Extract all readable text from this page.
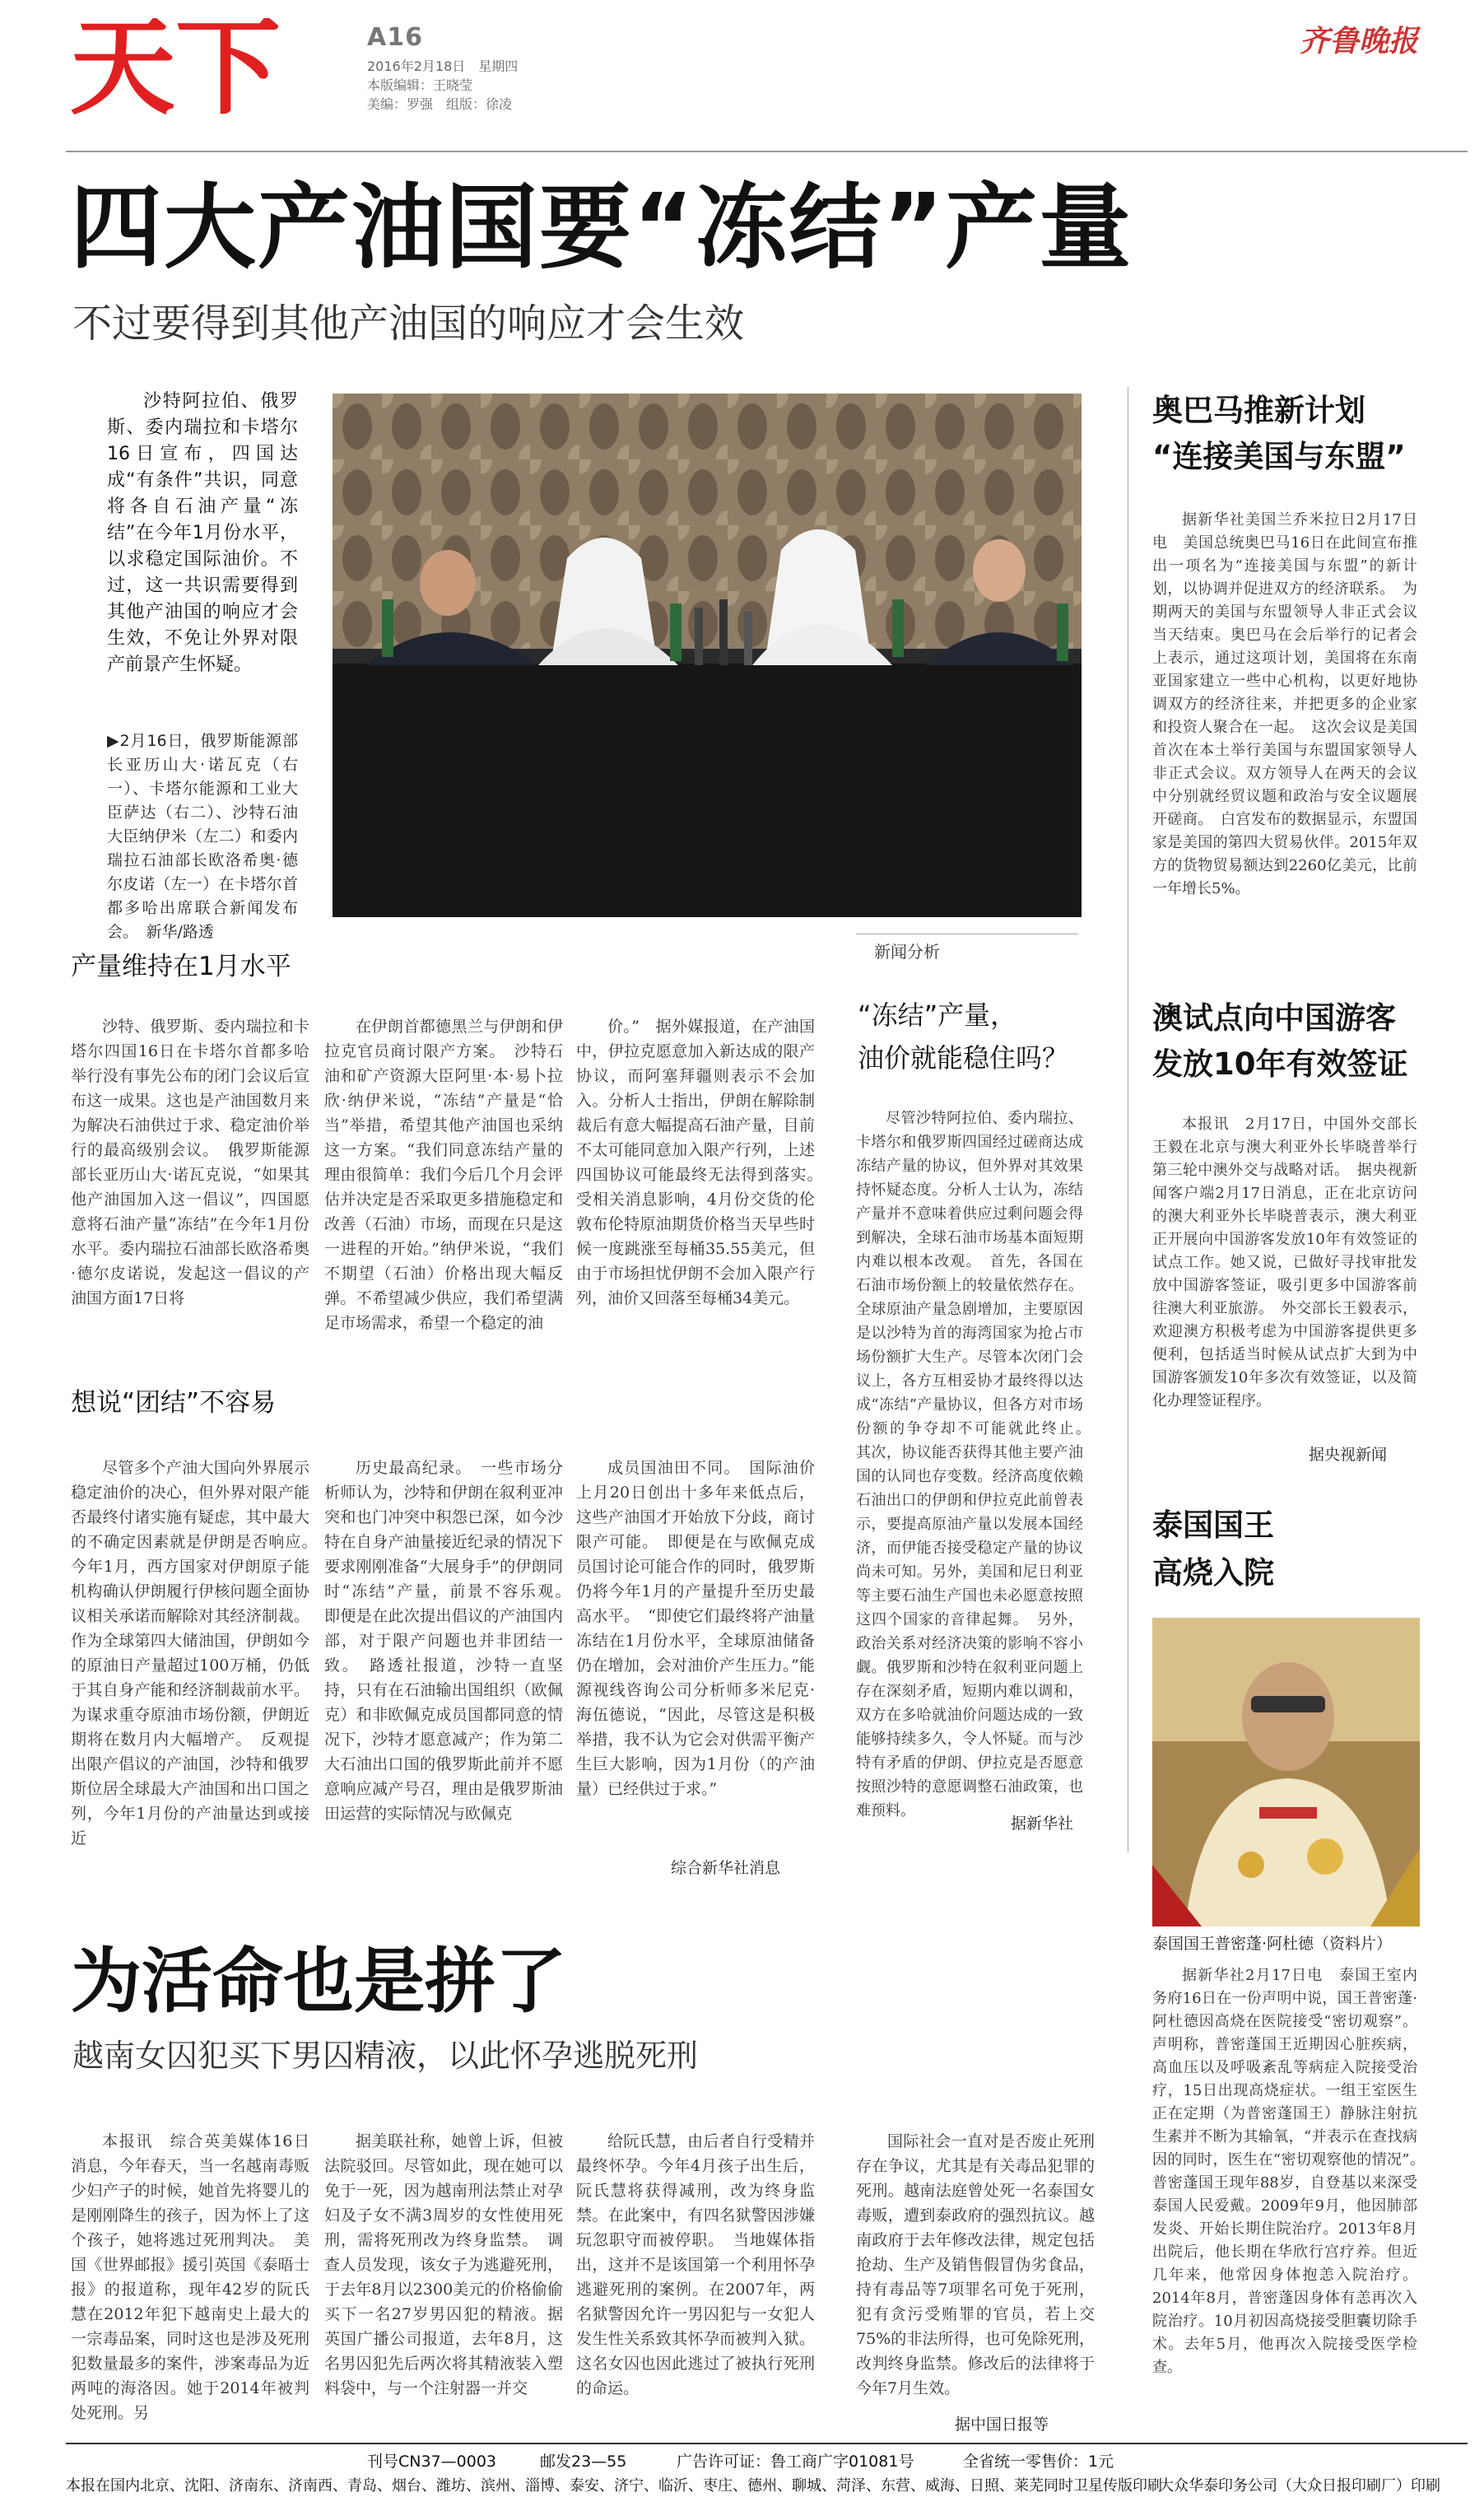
天下	A16
2016年2月18日　星期四
本版编辑：王晓莹
美编：罗强　组版：徐凌
齐鲁晚报
四大产油国要“冻结”产量
不过要得到其他产油国的响应才会生效

沙特阿拉伯、俄罗斯、委内瑞拉和卡塔尔16日宣布，四国达成“有条件”共识，同意将各自石油产量“冻结”在今年1月份水平，以求稳定国际油价。不过，这一共识需要得到其他产油国的响应才会生效，不免让外界对限产前景产生怀疑。

▶2月16日，俄罗斯能源部长亚历山大·诺瓦克（右一）、卡塔尔能源和工业大臣萨达（右二）、沙特石油大臣纳伊米（左二）和委内瑞拉石油部长欧洛希奥·德尔皮诺（左一）在卡塔尔首都多哈出席联合新闻发布会。　新华/路透
产量维持在1月水平

沙特、俄罗斯、委内瑞拉和卡塔尔四国16日在卡塔尔首都多哈举行没有事先公布的闭门会议后宣布这一成果。这也是产油国数月来为解决石油供过于求、稳定油价举行的最高级别会议。　俄罗斯能源部长亚历山大·诺瓦克说，“如果其他产油国加入这一倡议”，四国愿意将石油产量“冻结”在今年1月份水平。委内瑞拉石油部长欧洛希奥·德尔皮诺说，发起这一倡议的产油国方面17日将

在伊朗首都德黑兰与伊朗和伊拉克官员商讨限产方案。　沙特石油和矿产资源大臣阿里·本·易卜拉欣·纳伊米说，“冻结”产量是“恰当”举措，希望其他产油国也采纳这一方案。“我们同意冻结产量的理由很简单：我们今后几个月会评估并决定是否采取更多措施稳定和改善（石油）市场，而现在只是这一进程的开始。”纳伊米说，“我们不期望（石油）价格出现大幅反弹。不希望减少供应，我们希望满足市场需求，希望一个稳定的油

价。”　据外媒报道，在产油国中，伊拉克愿意加入新达成的限产协议，而阿塞拜疆则表示不会加入。分析人士指出，伊朗在解除制裁后有意大幅提高石油产量，目前不太可能同意加入限产行列，上述四国协议可能最终无法得到落实。　受相关消息影响，4月份交货的伦敦布伦特原油期货价格当天早些时候一度跳涨至每桶35.55美元，但由于市场担忧伊朗不会加入限产行列，油价又回落至每桶34美元。

想说“团结”不容易

尽管多个产油大国向外界展示稳定油价的决心，但外界对限产能否最终付诸实施有疑虑，其中最大的不确定因素就是伊朗是否响应。　今年1月，西方国家对伊朗原子能机构确认伊朗履行伊核问题全面协议相关承诺而解除对其经济制裁。作为全球第四大储油国，伊朗如今的原油日产量超过100万桶，仍低于其自身产能和经济制裁前水平。为谋求重夺原油市场份额，伊朗近期将在数月内大幅增产。　反观提出限产倡议的产油国，沙特和俄罗斯位居全球最大产油国和出口国之列，今年1月份的产油量达到或接近

历史最高纪录。　一些市场分析师认为，沙特和伊朗在叙利亚冲突和也门冲突中积怨已深，如今沙特在自身产油量接近纪录的情况下要求刚刚准备“大展身手”的伊朗同时“冻结”产量，前景不容乐观。　即便是在此次提出倡议的产油国内部，对于限产问题也并非团结一致。　路透社报道，沙特一直坚持，只有在石油输出国组织（欧佩克）和非欧佩克成员国都同意的情况下，沙特才愿意减产；作为第二大石油出口国的俄罗斯此前并不愿意响应减产号召，理由是俄罗斯油田运营的实际情况与欧佩克

成员国油田不同。　国际油价上月20日创出十多年来低点后，这些产油国才开始放下分歧，商讨限产可能。　即便是在与欧佩克成员国讨论可能合作的同时，俄罗斯仍将今年1月的产量提升至历史最高水平。　“即使它们最终将产油量冻结在1月份水平，全球原油储备仍在增加，会对油价产生压力。”能源视线咨询公司分析师多米尼克·海伍德说，“因此，尽管这是积极举措，我不认为它会对供需平衡产生巨大影响，因为1月份（的产油量）已经供过于求。”

综合新华社消息
新闻分析
“冻结”产量，
油价就能稳住吗？

尽管沙特阿拉伯、委内瑞拉、卡塔尔和俄罗斯四国经过磋商达成冻结产量的协议，但外界对其效果持怀疑态度。分析人士认为，冻结产量并不意味着供应过剩问题会得到解决，全球石油市场基本面短期内难以根本改观。　首先，各国在石油市场份额上的较量依然存在。全球原油产量急剧增加，主要原因是以沙特为首的海湾国家为抢占市场份额扩大生产。尽管本次闭门会议上，各方互相妥协才最终得以达成“冻结”产量协议，但各方对市场份额的争夺却不可能就此终止。　其次，协议能否获得其他主要产油国的认同也存变数。经济高度依赖石油出口的伊朗和伊拉克此前曾表示，要提高原油产量以发展本国经济，而伊能否接受稳定产量的协议尚未可知。另外，美国和尼日利亚等主要石油生产国也未必愿意按照这四个国家的音律起舞。　另外，政治关系对经济决策的影响不容小觑。俄罗斯和沙特在叙利亚问题上存在深刻矛盾，短期内难以调和，双方在多哈就油价问题达成的一致能够持续多久，令人怀疑。而与沙特有矛盾的伊朗、伊拉克是否愿意按照沙特的意愿调整石油政策，也难预料。

据新华社
奥巴马推新计划
“连接美国与东盟”

据新华社美国兰乔米拉日2月17日电　美国总统奥巴马16日在此间宣布推出一项名为“连接美国与东盟”的新计划，以协调并促进双方的经济联系。　为期两天的美国与东盟领导人非正式会议当天结束。奥巴马在会后举行的记者会上表示，通过这项计划，美国将在东南亚国家建立一些中心机构，以更好地协调双方的经济往来，并把更多的企业家和投资人聚合在一起。　这次会议是美国首次在本土举行美国与东盟国家领导人非正式会议。双方领导人在两天的会议中分别就经贸议题和政治与安全议题展开磋商。　白宫发布的数据显示，东盟国家是美国的第四大贸易伙伴。2015年双方的货物贸易额达到2260亿美元，比前一年增长5%。

澳试点向中国游客
发放10年有效签证

本报讯　2月17日，中国外交部长王毅在北京与澳大利亚外长毕晓普举行第三轮中澳外交与战略对话。　据央视新闻客户端2月17日消息，正在北京访问的澳大利亚外长毕晓普表示，澳大利亚正开展向中国游客发放10年有效签证的试点工作。她又说，已做好寻找审批发放中国游客签证，吸引更多中国游客前往澳大利亚旅游。　外交部长王毅表示，欢迎澳方积极考虑为中国游客提供更多便利，包括适当时候从试点扩大到为中国游客颁发10年多次有效签证，以及简化办理签证程序。

据央视新闻
泰国国王
高烧入院
泰国国王普密蓬·阿杜德（资料片）

据新华社2月17日电　泰国王室内务府16日在一份声明中说，国王普密蓬·阿杜德因高烧在医院接受“密切观察”。声明称，普密蓬国王近期因心脏疾病，高血压以及呼吸紊乱等病症入院接受治疗，15日出现高烧症状。一组王室医生正在定期（为普密蓬国王）静脉注射抗生素并不断为其输氧，“并表示在查找病因的同时，医生在“密切观察他的情况”。　普密蓬国王现年88岁，自登基以来深受泰国人民爱戴。2009年9月，他因肺部发炎、开始长期住院治疗。2013年8月出院后，他长期在华欣行宫疗养。但近几年来，他常因身体抱恙入院治疗。2014年8月，普密蓬因身体有恙再次入院治疗。10月初因高烧接受胆囊切除手术。去年5月，他再次入院接受医学检查。

为活命也是拼了
越南女囚犯买下男囚精液，以此怀孕逃脱死刑

本报讯　综合英美媒体16日消息，今年春天，当一名越南毒贩少妇产子的时候，她首先将婴儿的是刚刚降生的孩子，因为怀上了这个孩子，她将逃过死刑判决。　美国《世界邮报》援引英国《泰晤士报》的报道称，现年42岁的阮氏慧在2012年犯下越南史上最大的一宗毒品案，同时这也是涉及死刑犯数量最多的案件，涉案毒品为近两吨的海洛因。她于2014年被判处死刑。另

据美联社称，她曾上诉，但被法院驳回。尽管如此，现在她可以免于一死，因为越南刑法禁止对孕妇及子女不满3周岁的女性使用死刑，需将死刑改为终身监禁。　调查人员发现，该女子为逃避死刑，于去年8月以2300美元的价格偷偷买下一名27岁男囚犯的精液。据英国广播公司报道，去年8月，这名男囚犯先后两次将其精液装入塑料袋中，与一个注射器一并交

给阮氏慧，由后者自行受精并最终怀孕。今年4月孩子出生后，阮氏慧将获得减刑，改为终身监禁。在此案中，有四名狱警因涉嫌玩忽职守而被停职。　当地媒体指出，这并不是该国第一个利用怀孕逃避死刑的案例。在2007年，两名狱警因允许一男囚犯与一女犯人发生性关系致其怀孕而被判入狱。这名女囚也因此逃过了被执行死刑的命运。

国际社会一直对是否废止死刑存在争议，尤其是有关毒品犯罪的死刑。越南法庭曾处死一名泰国女毒贩，遭到泰政府的强烈抗议。越南政府于去年修改法律，规定包括抢劫、生产及销售假冒伪劣食品，持有毒品等7项罪名可免于死刑，犯有贪污受贿罪的官员，若上交75%的非法所得，也可免除死刑，改判终身监禁。修改后的法律将于今年7月生效。

据中国日报等
刊号CN37—0003	邮发23—55	广告许可证：鲁工商广字01081号	全省统一零售价：1元
本报在国内北京、沈阳、济南东、济南西、青岛、烟台、潍坊、滨州、淄博、泰安、济宁、临沂、枣庄、德州、聊城、菏泽、东营、威海、日照、莱芜同时卫星传版印刷
大众华泰印务公司（大众日报印刷厂）印刷
